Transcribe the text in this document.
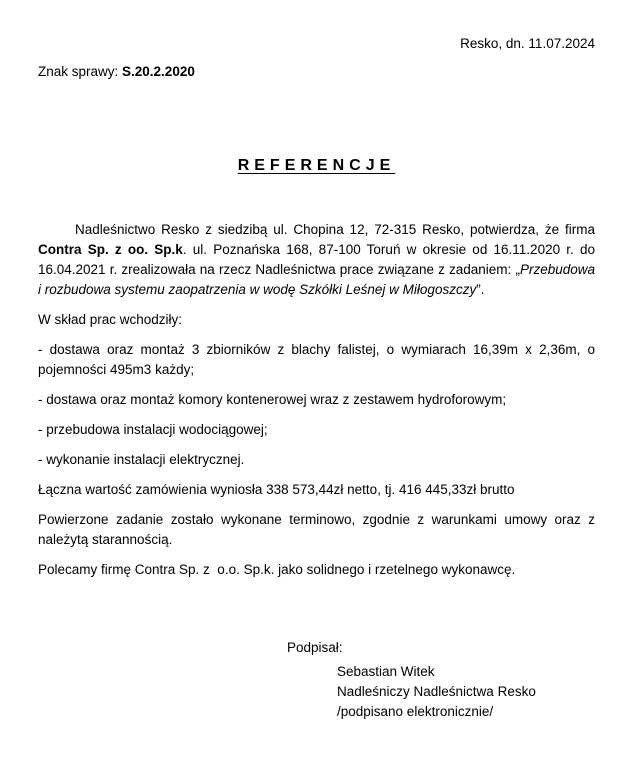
Resko, dn. 11.07.2024
Znak sprawy: S.20.2.2020
REFERENCJE

Nadleśnictwo Resko z siedzibą ul. Chopina 12, 72-315 Resko, potwierdza, że firma Contra Sp. z oo. Sp.k. ul. Poznańska 168, 87-100 Toruń w okresie od 16.11.2020 r. do 16.04.2021 r. zrealizowała na rzecz Nadleśnictwa prace związane z zadaniem: „Przebudowa i rozbudowa systemu zaopatrzenia w wodę Szkółki Leśnej w Miłogoszczy”.

W skład prac wchodziły:

- dostawa oraz montaż 3 zbiorników z blachy falistej, o wymiarach 16,39m x 2,36m, o pojemności 495m3 każdy;

- dostawa oraz montaż komory kontenerowej wraz z zestawem hydroforowym;

- przebudowa instalacji wodociągowej;

- wykonanie instalacji elektrycznej.

Łączna wartość zamówienia wyniosła 338 573,44zł netto, tj. 416 445,33zł brutto

Powierzone zadanie zostało wykonane terminowo, zgodnie z warunkami umowy oraz z należytą starannością.

Polecamy firmę Contra Sp. z  o.o. Sp.k. jako solidnego i rzetelnego wykonawcę.

Podpisał:
Sebastian Witek
Nadleśniczy Nadleśnictwa Resko
/podpisano elektronicznie/
